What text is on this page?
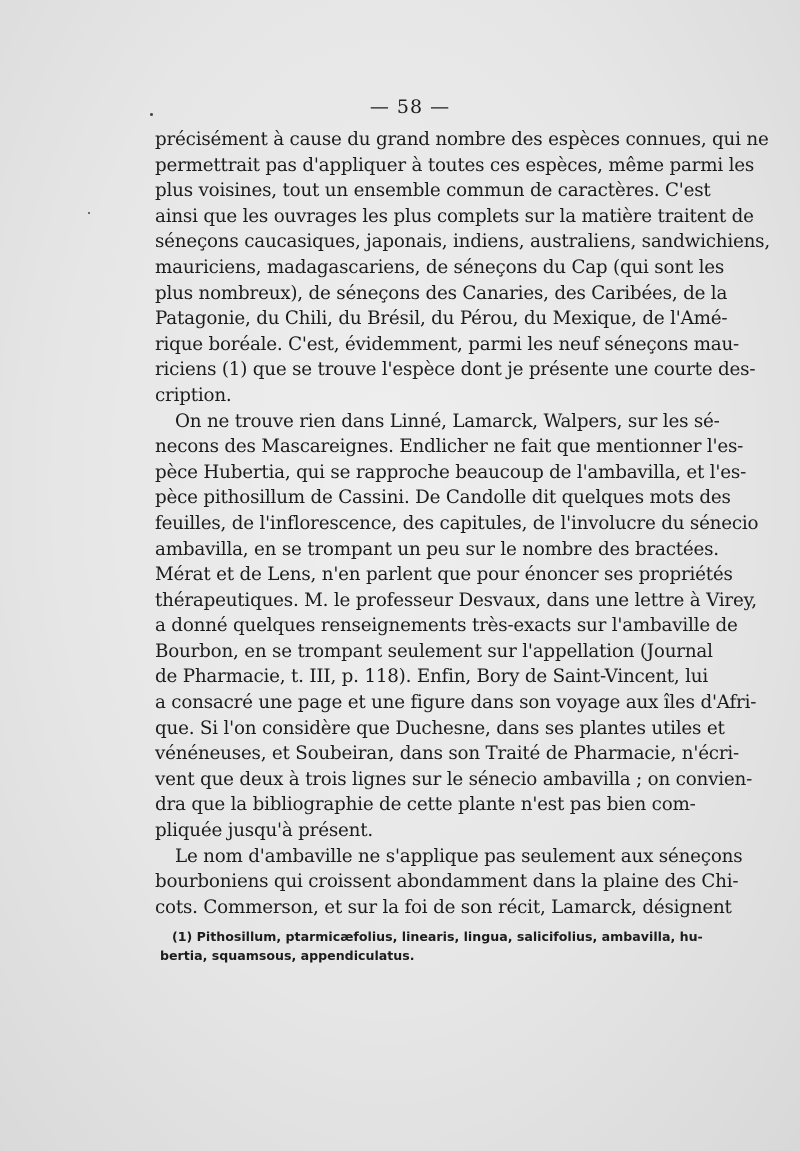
— 58 —
précisément à cause du grand nombre des espèces connues, qui ne
permettrait pas d'appliquer à toutes ces espèces, même parmi les
plus voisines, tout un ensemble commun de caractères. C'est
ainsi que les ouvrages les plus complets sur la matière traitent de
séneçons caucasiques, japonais, indiens, australiens, sandwichiens,
mauriciens, madagascariens, de séneçons du Cap (qui sont les
plus nombreux), de séneçons des Canaries, des Caribées, de la
Patagonie, du Chili, du Brésil, du Pérou, du Mexique, de l'Amé-
rique boréale. C'est, évidemment, parmi les neuf séneçons mau-
riciens (1) que se trouve l'espèce dont je présente une courte des-
cription.
On ne trouve rien dans Linné, Lamarck, Walpers, sur les sé-
necons des Mascareignes. Endlicher ne fait que mentionner l'es-
pèce Hubertia, qui se rapproche beaucoup de l'ambavilla, et l'es-
pèce pithosillum de Cassini. De Candolle dit quelques mots des
feuilles, de l'inflorescence, des capitules, de l'involucre du sénecio
ambavilla, en se trompant un peu sur le nombre des bractées.
Mérat et de Lens, n'en parlent que pour énoncer ses propriétés
thérapeutiques. M. le professeur Desvaux, dans une lettre à Virey,
a donné quelques renseignements très-exacts sur l'ambaville de
Bourbon, en se trompant seulement sur l'appellation (Journal
de Pharmacie, t. III, p. 118). Enfin, Bory de Saint-Vincent, lui
a consacré une page et une figure dans son voyage aux îles d'Afri-
que. Si l'on considère que Duchesne, dans ses plantes utiles et
vénéneuses, et Soubeiran, dans son Traité de Pharmacie, n'écri-
vent que deux à trois lignes sur le sénecio ambavilla ; on convien-
dra que la bibliographie de cette plante n'est pas bien com-
pliquée jusqu'à présent.
Le nom d'ambaville ne s'applique pas seulement aux séneçons
bourboniens qui croissent abondamment dans la plaine des Chi-
cots. Commerson, et sur la foi de son récit, Lamarck, désignent
(1) Pithosillum, ptarmicæfolius, linearis, lingua, salicifolius, ambavilla, hu-
bertia, squamsous, appendiculatus.
